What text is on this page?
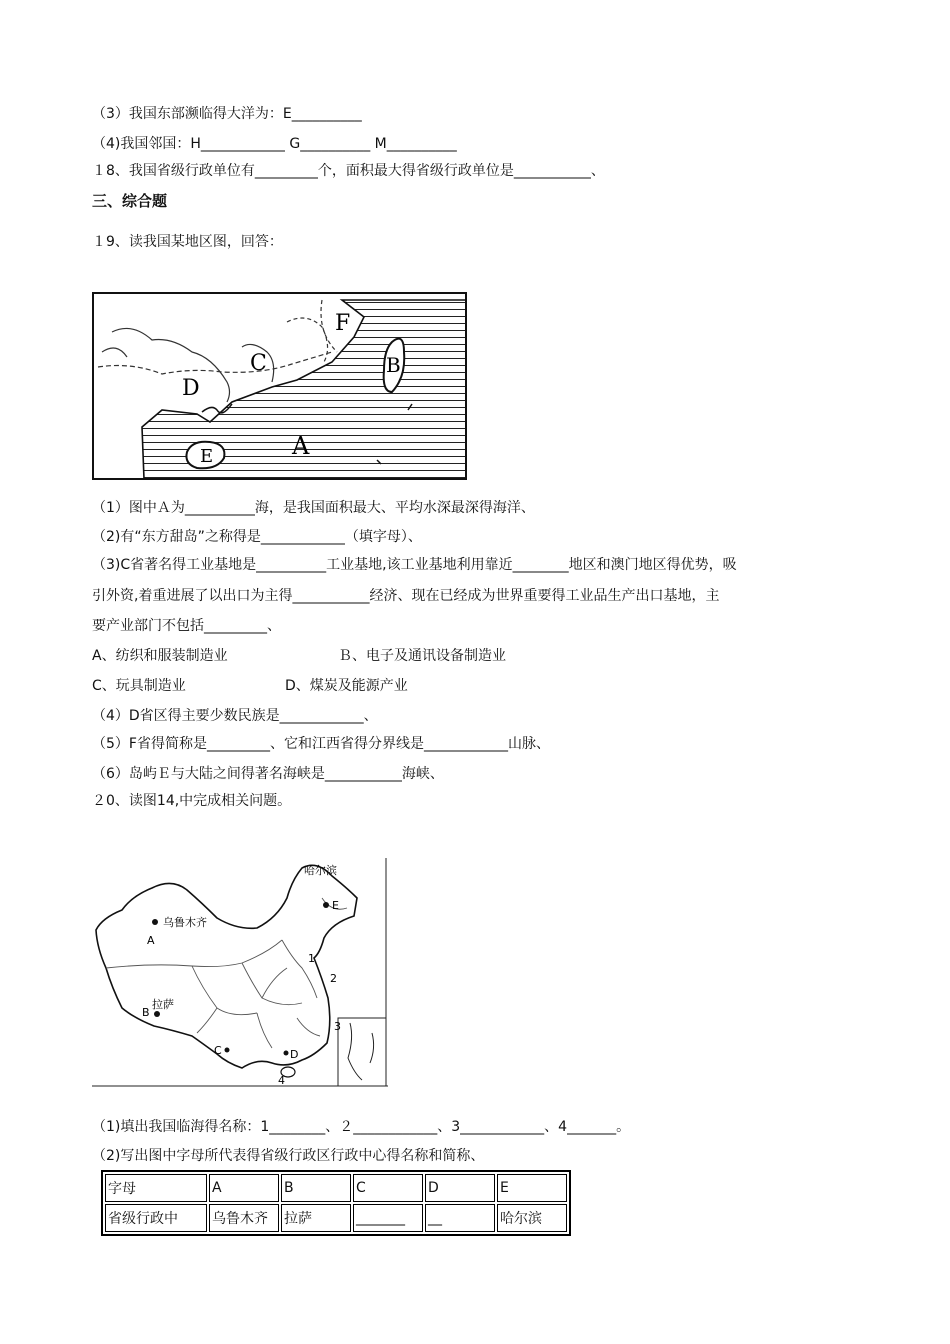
（3）我国东部濒临得大洋为：E__________
（4)我国邻国：H____________ G__________ M__________
１8、我国省级行政单位有_________个，面积最大得省级行政单位是___________、
三、综合题
１9、读我国某地区图，回答：
F
B
C
D
A
E
（1）图中Ａ为__________海，是我国面积最大、平均水深最深得海洋、
（2)有“东方甜岛”之称得是____________（填字母）、
（3)C省著名得工业基地是__________工业基地,该工业基地利用靠近________地区和澳门地区得优势，吸
引外资,着重进展了以出口为主得___________经济、现在已经成为世界重要得工业品生产出口基地，主
要产业部门不包括_________、
A、纺织和服装制造业	Ｂ、电子及通讯设备制造业
C、玩具制造业	D、煤炭及能源产业
（4）D省区得主要少数民族是____________、
（5）F省得简称是_________、它和江西省得分界线是____________山脉、
（6）岛屿Ｅ与大陆之间得著名海峡是___________海峡、
２0、读图14,中完成相关问题。
乌鲁木齐
A
拉萨
B
哈尔滨
E
C	D
1
2
3
4
（1)填出我国临海得名称：1________、２____________、3____________、4_______。
（2)写出图中字母所代表得省级行政区行政中心得名称和简称、
字母	A	B	C	D	E
省级行政中	乌鲁木齐	拉萨	_______	__	哈尔滨
